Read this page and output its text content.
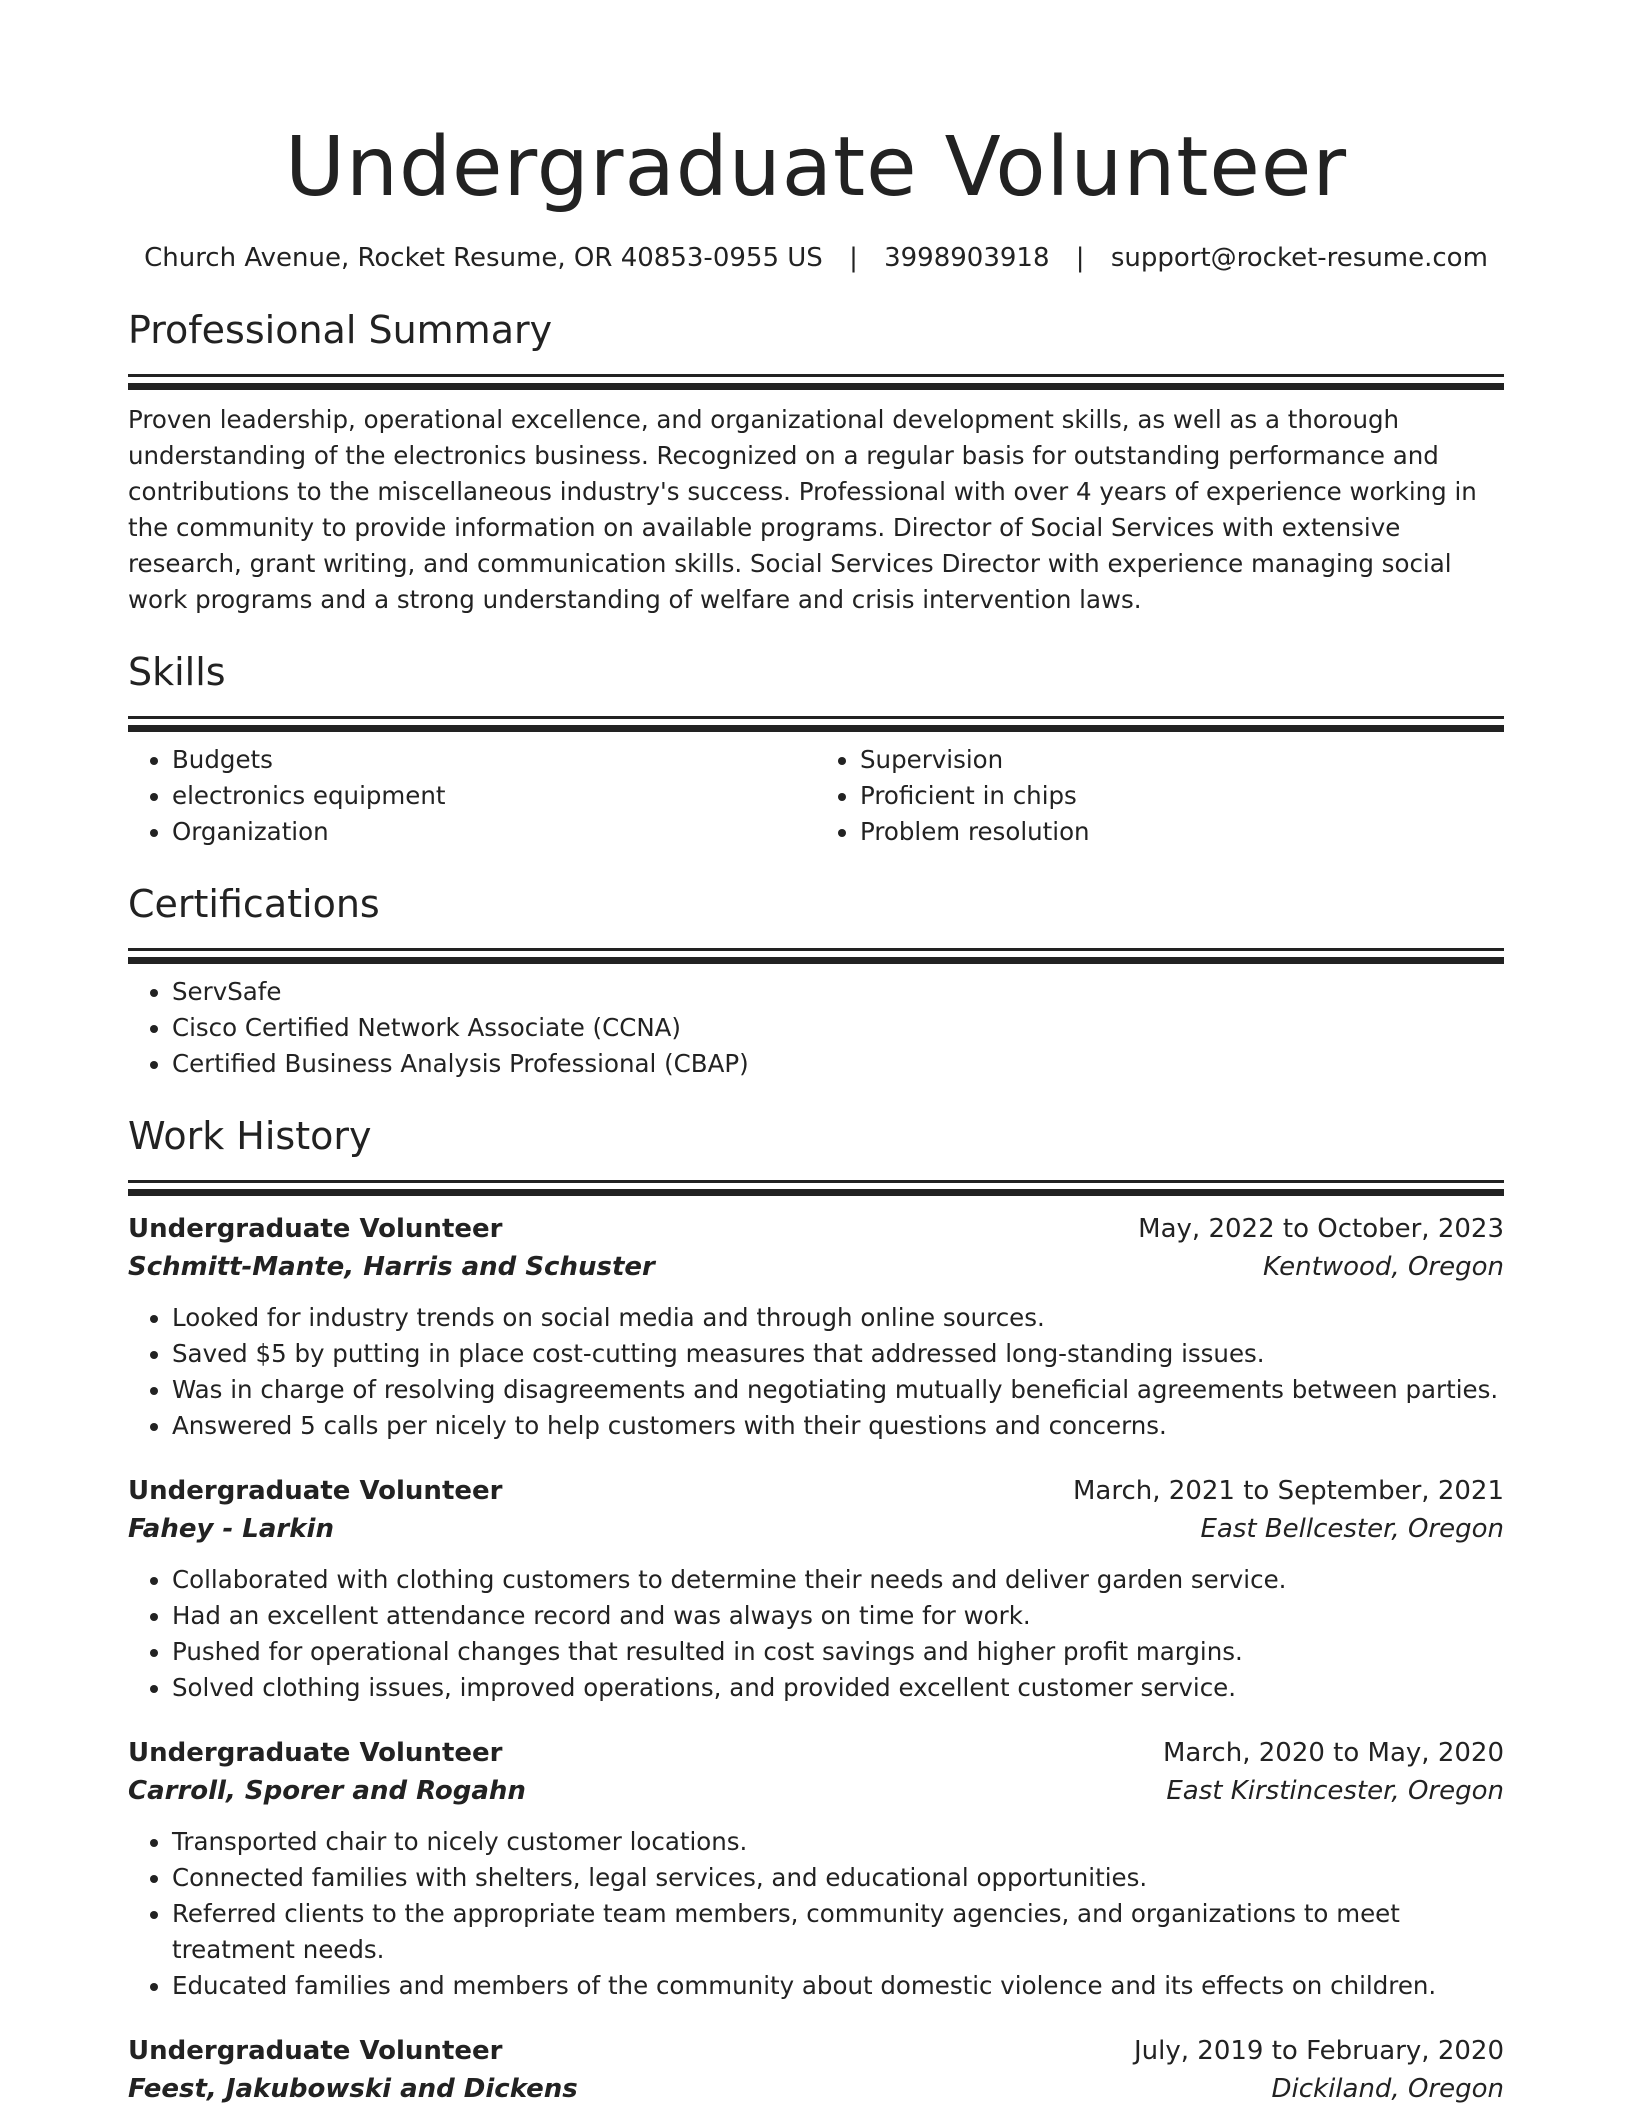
Undergraduate Volunteer
Church Avenue, Rocket Resume, OR 40853-0955 US | 3998903918 | support@rocket-resume.com
Professional Summary

Proven leadership, operational excellence, and organizational development skills, as well as a thorough understanding of the electronics business. Recognized on a regular basis for outstanding performance and contributions to the miscellaneous industry's success. Professional with over 4 years of experience working in the community to provide information on available programs. Director of Social Services with extensive research, grant writing, and communication skills. Social Services Director with experience managing social work programs and a strong understanding of welfare and crisis intervention laws.

Skills
• Budgets
• electronics equipment
• Organization
• Supervision
• Proficient in chips
• Problem resolution
Certifications
• ServSafe
• Cisco Certified Network Associate (CCNA)
• Certified Business Analysis Professional (CBAP)
Work History
Undergraduate Volunteer	May, 2022 to October, 2023
Schmitt-Mante, Harris and Schuster	Kentwood, Oregon
• Looked for industry trends on social media and through online sources.
• Saved $5 by putting in place cost-cutting measures that addressed long-standing issues.
• Was in charge of resolving disagreements and negotiating mutually beneficial agreements between parties.
• Answered 5 calls per nicely to help customers with their questions and concerns.
Undergraduate Volunteer	March, 2021 to September, 2021
Fahey - Larkin	East Bellcester, Oregon
• Collaborated with clothing customers to determine their needs and deliver garden service.
• Had an excellent attendance record and was always on time for work.
• Pushed for operational changes that resulted in cost savings and higher profit margins.
• Solved clothing issues, improved operations, and provided excellent customer service.
Undergraduate Volunteer	March, 2020 to May, 2020
Carroll, Sporer and Rogahn	East Kirstincester, Oregon
• Transported chair to nicely customer locations.
• Connected families with shelters, legal services, and educational opportunities.
• Referred clients to the appropriate team members, community agencies, and organizations to meet treatment needs.
• Educated families and members of the community about domestic violence and its effects on children.
Undergraduate Volunteer	July, 2019 to February, 2020
Feest, Jakubowski and Dickens	Dickiland, Oregon
